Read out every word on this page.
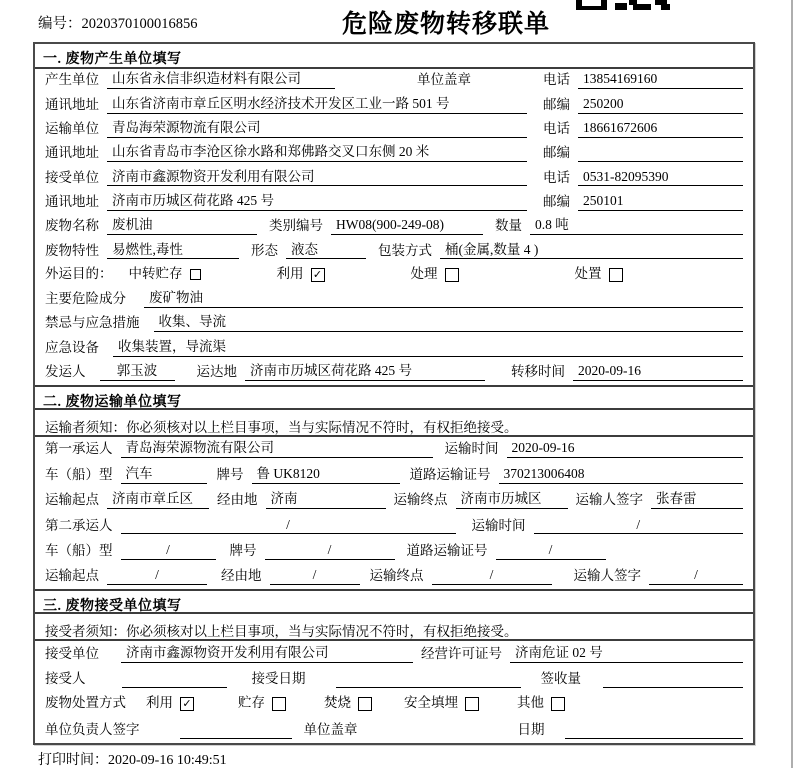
编号：2020370100016856	危险废物转移联单
一. 废物产生单位填写
产生单位 山东省永信非织造材料有限公司	单位盖章	电话 13854169160
通讯地址 山东省济南市章丘区明水经济技术开发区工业一路 501 号	邮编 250200
运输单位 青岛海荣源物流有限公司	电话 18661672606
通讯地址 山东省青岛市李沧区徐水路和郑佛路交叉口东侧 20 米	邮编
接受单位 济南市鑫源物资开发利用有限公司	电话 0531-82095390
通讯地址 济南市历城区荷花路 425 号	邮编 250101
废物名称 废机油	类别编号 HW08(900-249-08)	数量 0.8 吨
废物特性 易燃性,毒性	形态 液态	包装方式 桶(金属,数量 4 )
外运目的： 中转贮存	利用 ✓	处理	处置
主要危险成分	废矿物油
禁忌与应急措施	收集、导流
应急设备	收集装置，导流渠
发运人	郭玉波	运达地 济南市历城区荷花路 425 号	转移时间 2020-09-16
二. 废物运输单位填写
运输者须知：你必须核对以上栏目事项，当与实际情况不符时，有权拒绝接受。
第一承运人 青岛海荣源物流有限公司	运输时间 2020-09-16
车（船）型 汽车	牌号 鲁 UK8120	道路运输证号 370213006408
运输起点 济南市章丘区	经由地 济南	运输终点 济南市历城区	运输人签字 张春雷
第二承运人	/	运输时间	/
车（船）型	/	牌号	/	道路运输证号	/
运输起点	/	经由地	/	运输终点	/	运输人签字	/
三. 废物接受单位填写
接受者须知：你必须核对以上栏目事项，当与实际情况不符时，有权拒绝接受。
接受单位	济南市鑫源物资开发利用有限公司	经营许可证号 济南危证 02 号
接受人	接受日期	签收量
废物处置方式 利用 ✓	贮存	焚烧	安全填埋	其他
单位负责人签字	单位盖章	日期
打印时间：2020-09-16 10:49:51
